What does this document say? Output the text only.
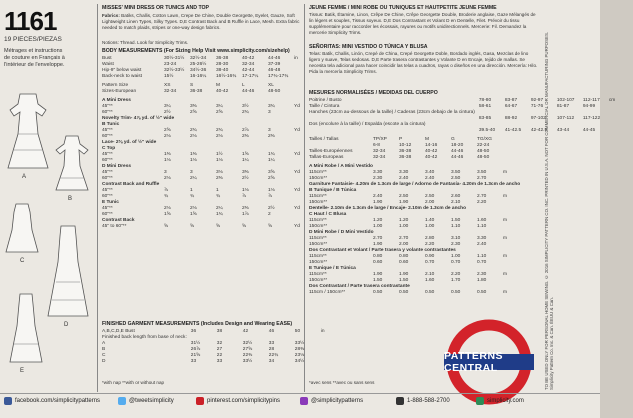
1161
19 PIECES/PIEZAS
Métrages et instructions de couture en Français à l'intérieur de l'enveloppe.
A
B
C
D
E
MISSES' MINI DRESS OR TUNICS AND TOP
Fabrics: Batiks, Challis, Cotton Lawn, Crepe De Chine, Double Georgette, Eyelet, Gauze, Soft Lightweight Linen Types, Silky Types. D,E Contrast Back and B Ruffle in Lace, Mesh. Extra fabric needed to match plaids, stripes or one-way design fabrics.
Notions: Thread. Look for Simplicity Trims.
BODY MEASUREMENTS (For Sizing Help Visit www.simplicity.com/sizehelp)
Bust	30½-31½	32½-34	36-38	40-42	44-46	in
Waist	23-24	25-26½	28-30	32-34	37-39	
Hip-9" below waist	32½-33½	34½-36	38-40	42-44	46-48	
Back-neck to waist	15½	16-16¼	16½-16¾	17-17¼	17¾-17¾	
Pattern Size	XS	S	M	L	XL
Sizes-European	32-34	36-38	40-42	44-46	48-50
A Mini Dress						
45"**	3¼	3⅜	3¼	3½	3¾	Yd
60"**	2½	2⅝	2⅝	2¾	3	
Novelty Trim- 4⅞ yd. of ½" wide						
B Tunic						
45"**	2⅝	2¾	2¾	2⅞	3	Yd
60"**	2⅛	2⅛	2⅛	2⅜	2⅜	
Lace- 2⅜ yd. of ½" wide						
C Top						
45"**	1⅜	1⅜	1½	1⅝	1¾	Yd
60"**	1⅛	1⅛	1⅛	1¼	1¼	
D Mini Dress						
45"**	3	3	3⅛	3⅜	3⅝	Yd
60"**	2⅛	2¼	2⅜	2½	2⅝	
Contrast Back and Ruffle						
45"**	⅞	1	1	1⅛	1⅛	Yd
60"**	¾	¾	¾	⅞	⅞	
E Tunic						
45"**	2⅛	2⅛	2¼	2⅜	2½	Yd
60"**	1⅝	1⅝	1¾	1⅞	2	
Contrast Back						
45" to 60"**	⅝	⅝	⅝	⅝	⅝	Yd
FINISHED GARMENT MEASUREMENTS (Includes Design and Wearing EASE)
A,B,C,D,E Bust	36	38	42	46	50	in
Finished back length from base of neck:						
A	31½	32	32½	33	33½	
B	26⅞	27	27⅝	28	28⅜	
C	21⅝	22	22⅜	22¾	23⅛	
D	33	33	33½	34	34½	
*with nap **with or without nap
JEUNE FEMME / MINI ROBE OU TUNIQUES ET HAUTPETITE JEUNE FEMME
Tissus: Batik, Étamine, Linon, Crêpe De Chine, Crêpe Georgette Double, Broderie anglaise, Gaze Mélangés de lin légers et souples, Tissus soyeux. D,E Dos Contrastant et Volant D en Dentelle, Filet. Prévoir du tissu supplémentaire pour raccorder les écossais, rayures ou motifs unidirectionnels. Mercerie: Fil. Demandez la mercerie Simplicity Trims.
SEÑORITAS: MINI VESTIDO O TÚNICA Y BLUSA
Telas: Batik, Challis, Linón, Crepé de China, Crepé Georgette Doble, Bordado inglés, Gasa, Mezclas de lino ligero y suave, Telas sedosas. D,E Parte trasera contrastantes y Volante D en Encaje, tejido de mallas. Se necesita tela adicional para hacer coincidir las telas a cuadros, rayas o diseños en una dirección. Mercería: Hilo. Pida la mercería Simplicity Trims.
MESURES NORMALISÉES / MEDIDAS DEL CUERPO
Poitrine / Busto	78-80	83-87	92-97	102-107	112-117	cm
Taille / Cintura	58-61	64-67	71-76	81-87	94-99	
Hanches (23cm au-dessous de la taille) / Caderas (23cm debajo de la cintura)						
	83-85	88-92	97-102	107-112	117-122	
Dos (encolure à la taille) / Espalda (escote a la cintura)						
	39.5-40	41-42.5	42-42.5	43-44	44-45	
Tailles / Tallas	TP/XP	P	M	G	TG/XG
	6-8	10-12	14-16	18-20	22-24
Tailles-Européennes	32-34	36-38	40-42	44-46	48-50
Tallas-Europeas	32-34	36-38	40-42	44-46	48-50
A Mini Robe / A Mini Vestido						
115cm**	3.30	3.30	3.40	3.50	3.50	m
150cm**	2.30	2.40	2.40	2.50	2.70	
Garniture Fantaisie- 4.20m de 1.3cm de large / Adorno de Fantasía- 4.20m de 1.3cm de ancho						
B Tunique / B Túnica						
115cm**	2.40	2.50	2.50	2.60	2.70	m
150cm**	1.90	1.90	2.00	2.10	2.20	
Dentelle- 2.10m de 1.3cm de large / Encaje- 2.10m de 1.3cm de ancho						
C Haut / C Blusa						
115cm**	1.20	1.20	1.40	1.50	1.60	m
150cm**	1.00	1.00	1.00	1.10	1.10	
D Mini Robe / D Mini Vestido						
115cm**	2.70	2.70	2.80	3.10	3.30	m
150cm**	1.90	2.00	2.20	2.30	2.40	
Dos Contrastant et Volant / Parte trasera y volante contrastantes						
115cm**	0.80	0.80	0.90	1.00	1.10	m
150cm**	0.60	0.60	0.70	0.70	0.70	
E Tunique / E Túnica						
115cm**	1.90	1.90	2.10	2.20	2.30	m
150cm**	1.50	1.50	1.60	1.70	1.80	
Dos Contrastant / Parte trasera contrastante						
115cm / 150cm**	0.50	0.50	0.50	0.50	0.50	m
*avec sens **avec ou sans sens	TO BE USED ONLY FOR PERSONAL HOME SEWING. © 2016 SIMPLICITY PATTERN CO. INC. PRINTED IN U.S.A. NOT FOR COMMERCIAL OR MANUFACTURING PURPOSES. Simplicity Pattern Co. Inc. & Can. ÉEUU & Can.
PATTERNS CENTRAL
facebook.com/simplicitypatterns	@tweetsimplicity	pinterest.com/simplicitypins	@simplicitypatterns	1-888-588-2700	simplicity.com
